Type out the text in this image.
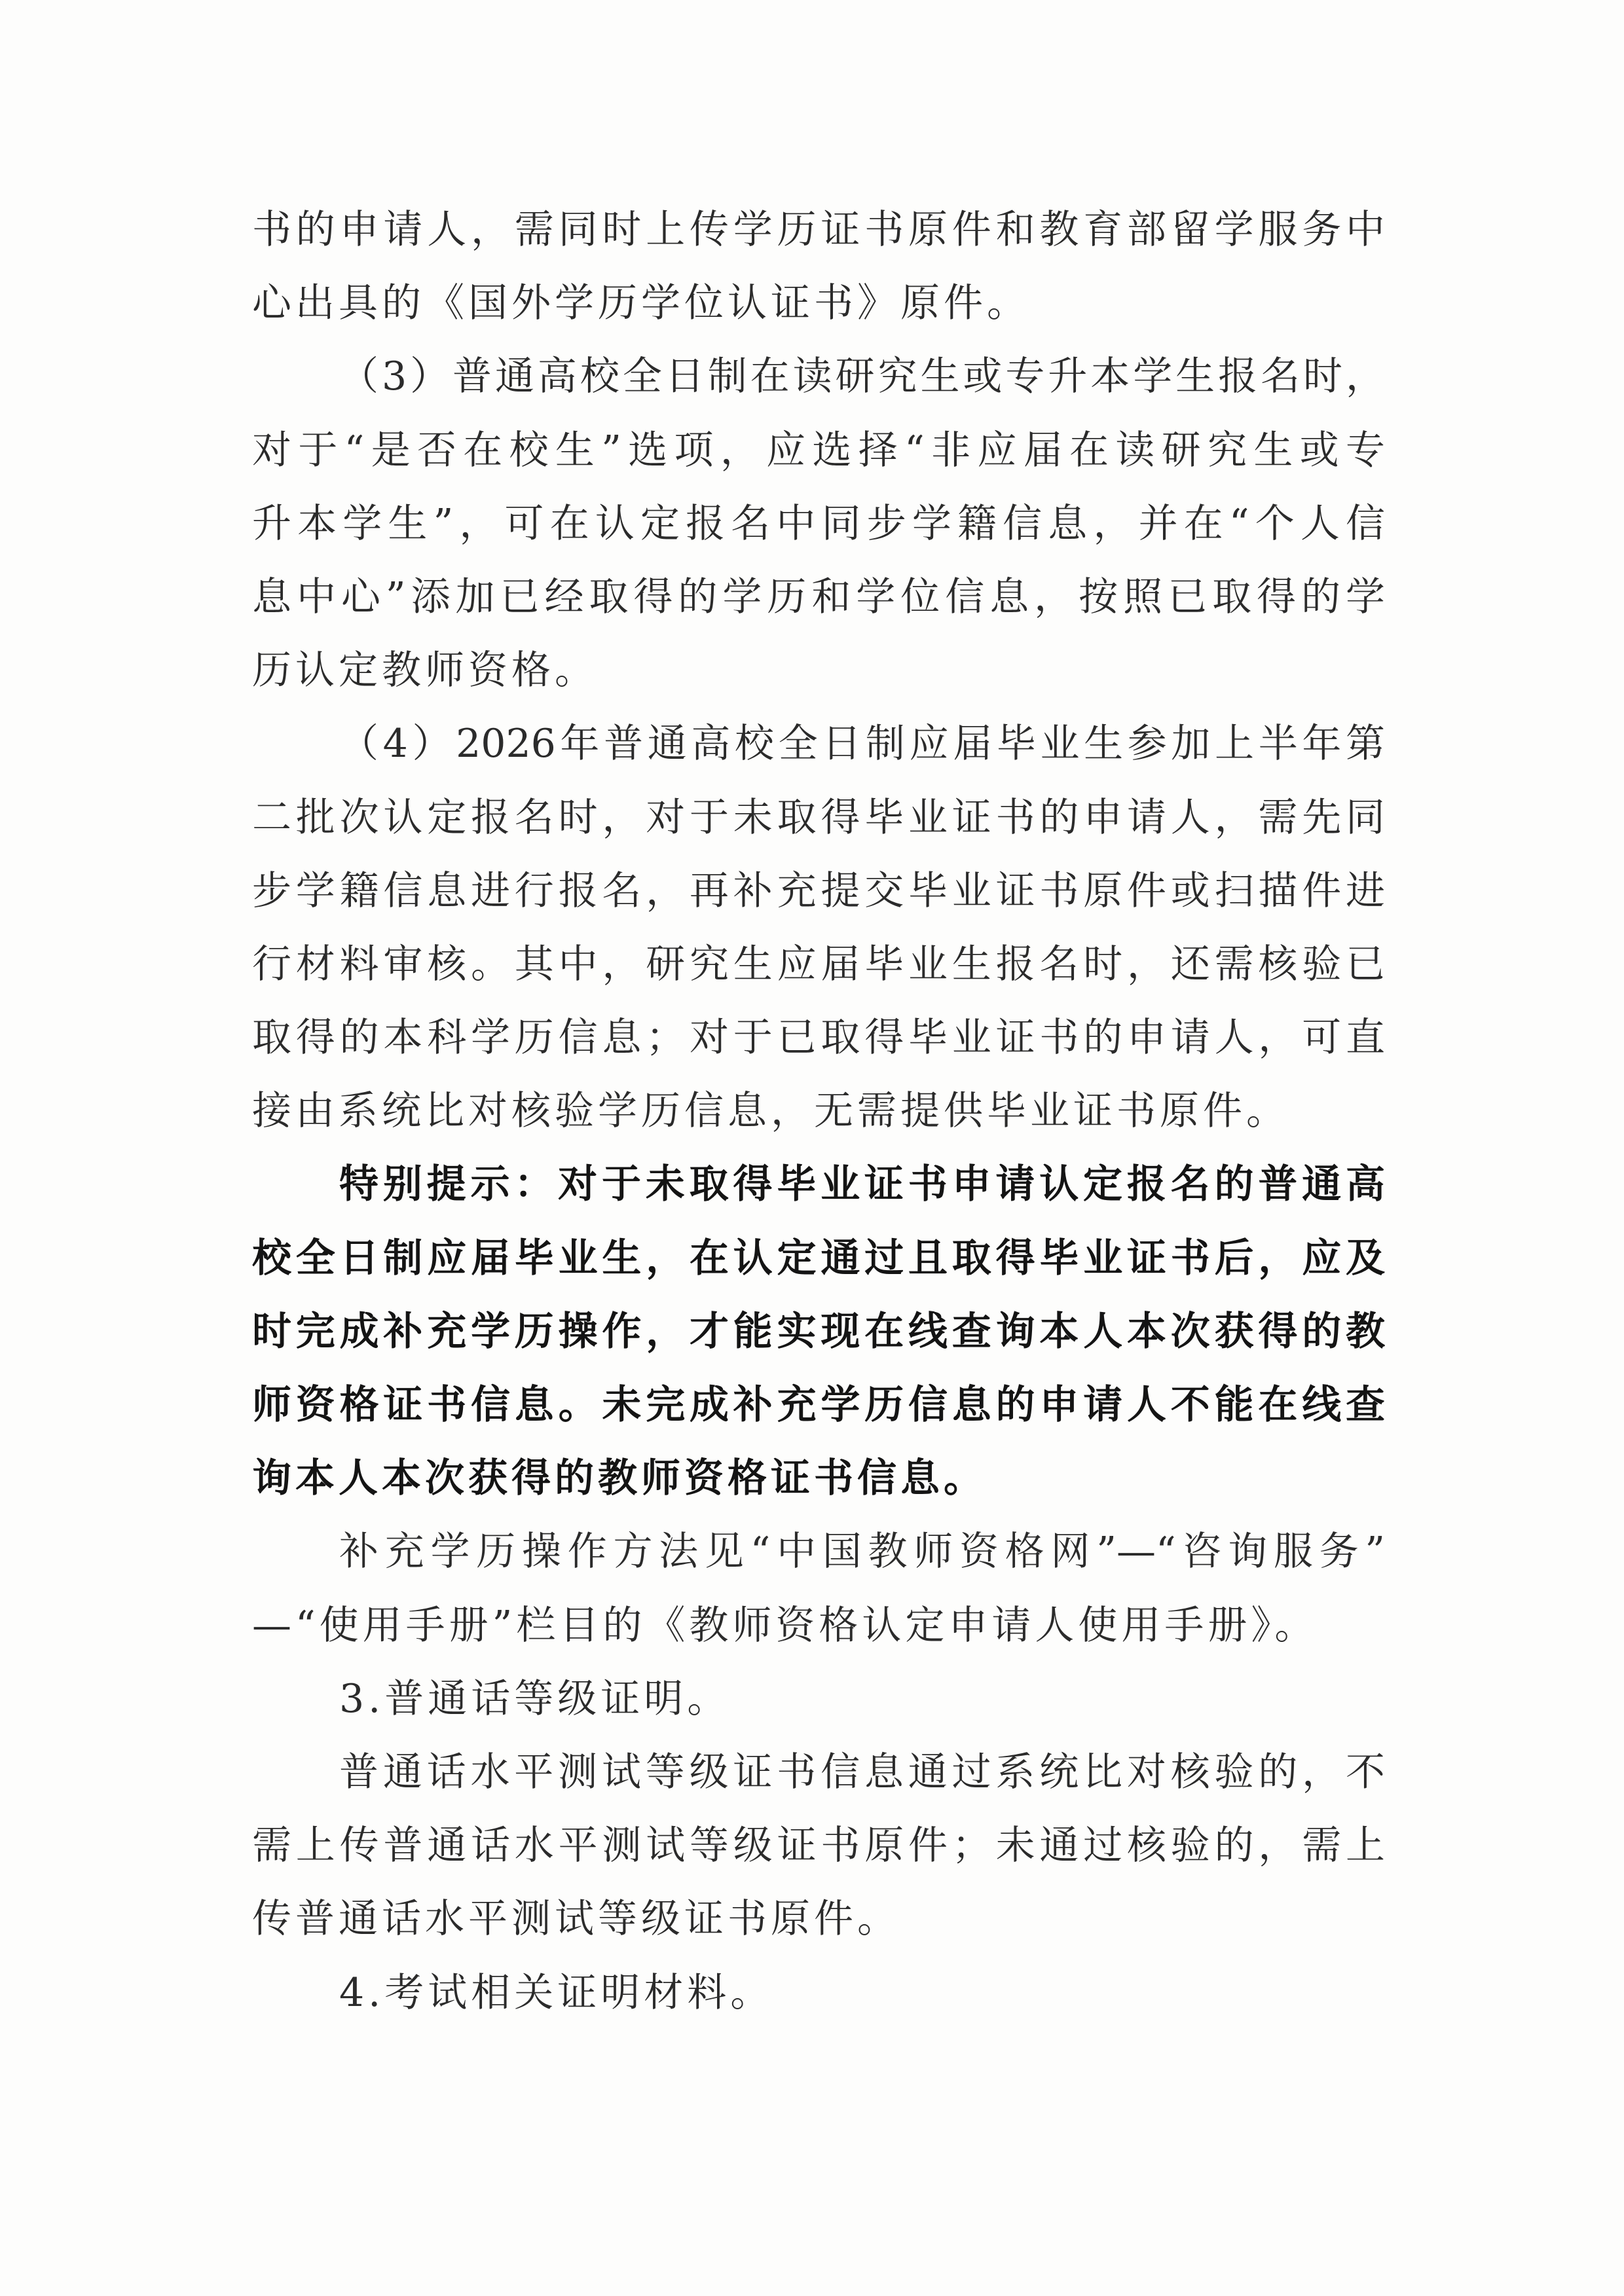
书的申请人，需同时上传学历证书原件和教育部留学服务中
心出具的《国外学历学位认证书》原件。
（3）普通高校全日制在读研究生或专升本学生报名时，
对于“是否在校生”选项，应选择“非应届在读研究生或专
升本学生”，可在认定报名中同步学籍信息，并在“个人信
息中心”添加已经取得的学历和学位信息，按照已取得的学
历认定教师资格。
（4）2026年普通高校全日制应届毕业生参加上半年第
二批次认定报名时，对于未取得毕业证书的申请人，需先同
步学籍信息进行报名，再补充提交毕业证书原件或扫描件进
行材料审核。其中，研究生应届毕业生报名时，还需核验已
取得的本科学历信息；对于已取得毕业证书的申请人，可直
接由系统比对核验学历信息，无需提供毕业证书原件。
特别提示：对于未取得毕业证书申请认定报名的普通高
校全日制应届毕业生，在认定通过且取得毕业证书后，应及
时完成补充学历操作，才能实现在线查询本人本次获得的教
师资格证书信息。未完成补充学历信息的申请人不能在线查
询本人本次获得的教师资格证书信息。
补充学历操作方法见“中国教师资格网”—“咨询服务”
—“使用手册”栏目的《教师资格认定申请人使用手册》。
3.普通话等级证明。
普通话水平测试等级证书信息通过系统比对核验的，不
需上传普通话水平测试等级证书原件；未通过核验的，需上
传普通话水平测试等级证书原件。
4.考试相关证明材料。
